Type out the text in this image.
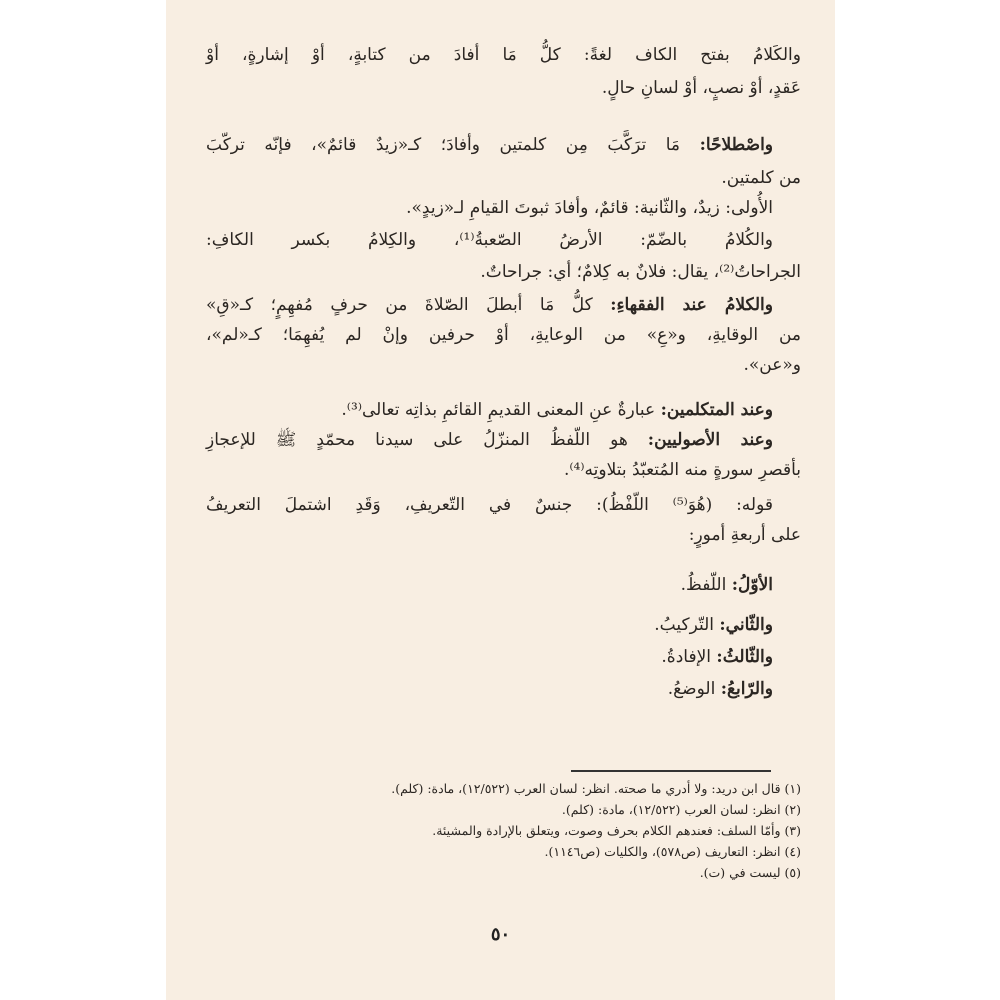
والكَلامُ بفتح الكاف لغةً: كلُّ مَا أفادَ من كتابةٍ، أوْ إشارةٍ، أوْ
عَقدٍ، أوْ نصبٍ، أوْ لسانِ حالٍ.
واصْطلاحًا: مَا ترَكَّبَ مِن كلمتين وأفادَ؛ كـ«زيدٌ قائمٌ»، فإنّه تركّبَ
من كلمتين.
الأُولى: زيدٌ، والثّانية: قائمٌ، وأفادَ ثبوتَ القيامِ لـ«زيدٍ».
والكُلامُ بالضّمّ: الأرضُ الصّعبةُ⁽¹⁾، والكِلامُ بكسر الكافِ:
الجراحاتُ⁽²⁾، يقال: فلانٌ به كِلامٌ؛ أي: جراحاتٌ.
والكلامُ عند الفقهاءِ: كلُّ مَا أبطلَ الصّلاةَ من حرفٍ مُفهِمٍ؛ كـ«قِ»
من الوقايةِ، و«عِ» من الوعايةِ، أوْ حرفين وإنْ لم يُفهِمَا؛ كـ«لم»،
و«عن».
وعند المتكلمين: عبارةٌ عنِ المعنى القديمِ القائمِ بذاتِه تعالى⁽³⁾.
وعند الأصوليين: هو اللّفظُ المنزّلُ على سيدنا محمّدٍ ﷺ للإعجازِ
بأقصرِ سورةٍ منه المُتعبّدُ بتلاوتِه⁽⁴⁾.
قوله: (هُوَ⁽⁵⁾ اللّفْظُ): جنسٌ في التّعريفِ، وَقَدِ اشتملَ التعريفُ
على أربعةِ أمورٍ:
الأوّلُ: اللّفظُ.
والثّاني: التّركيبُ.
والثّالثُ: الإفادةُ.
والرّابعُ: الوضعُ.
(١) قال ابن دريد: ولا أدري ما صحته. انظر: لسان العرب (١٢/٥٢٢)، مادة: (كلم).
(٢) انظر: لسان العرب (١٢/٥٢٢)، مادة: (كلم).
(٣) وأمّا السلف: فعندهم الكلام بحرف وصوت، ويتعلق بالإرادة والمشيئة.
(٤) انظر: التعاريف (ص٥٧٨)، والكليات (ص١١٤٦).
(٥) ليست في (ت).
٥٠
